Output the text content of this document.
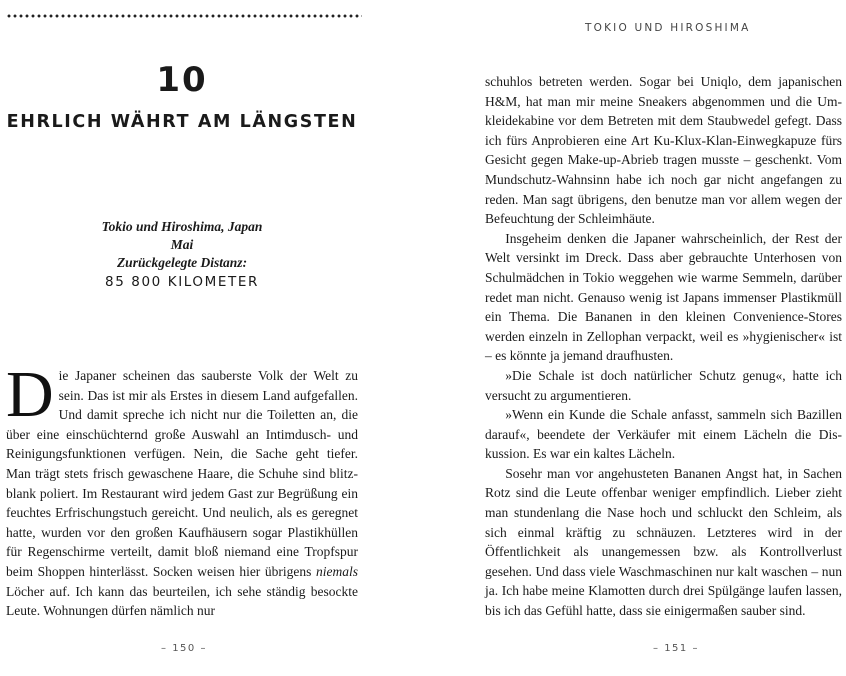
10
EHRLICH WÄHRT AM LÄNGSTEN
Tokio und Hiroshima, Japan
Mai
Zurückgelegte Distanz:
85 800 KILOMETER

Die Japaner scheinen das sauberste Volk der Welt zu sein. Das ist mir als Erstes in diesem Land aufgefallen. Und damit spreche ich nicht nur die Toiletten an, die über eine einschüchternd große Auswahl an Intimdusch- und Reinigungsfunktionen verfügen. Nein, die Sache geht tiefer. Man trägt stets frisch gewaschene Haare, die Schuhe sind blitzblank poliert. Im Restaurant wird jedem Gast zur Begrüßung ein feuchtes Erfrischungstuch gereicht. Und neulich, als es geregnet hatte, wurden vor den großen Kaufhäusern sogar Plastikhüllen für Regenschirme verteilt, damit bloß niemand eine Tropfspur beim Shoppen hinterlässt. Socken weisen hier übrigens niemals Löcher auf. Ich kann das beurteilen, ich sehe ständig besockte Leute. Wohnungen dürfen nämlich nur

– 150 –
TOKIO UND HIROSHIMA

schuhlos betreten werden. Sogar bei Uniqlo, dem japanischen H&M, hat man mir meine Sneakers abgenommen und die Umkleidekabine vor dem Betreten mit dem Staubwedel gefegt. Dass ich fürs Anprobieren eine Art Ku-Klux-Klan-Einwegkapuze fürs Gesicht gegen Make-up-Abrieb tragen musste – geschenkt. Vom Mundschutz-Wahnsinn habe ich noch gar nicht angefangen zu reden. Man sagt übrigens, den benutze man vor allem wegen der Befeuchtung der Schleimhäute.

Insgeheim denken die Japaner wahrscheinlich, der Rest der Welt versinkt im Dreck. Dass aber gebrauchte Unterhosen von Schulmädchen in Tokio weggehen wie warme Semmeln, darüber redet man nicht. Genauso wenig ist Japans immenser Plastikmüll ein Thema. Die Bananen in den kleinen Convenience-Stores werden einzeln in Zellophan verpackt, weil es »hygienischer« ist – es könnte ja jemand draufhusten.

»Die Schale ist doch natürlicher Schutz genug«, hatte ich versucht zu argumentieren.

»Wenn ein Kunde die Schale anfasst, sammeln sich Bazillen darauf«, beendete der Verkäufer mit einem Lächeln die Diskussion. Es war ein kaltes Lächeln.

Sosehr man vor angehusteten Bananen Angst hat, in Sachen Rotz sind die Leute offenbar weniger empfindlich. Lieber zieht man stundenlang die Nase hoch und schluckt den Schleim, als sich einmal kräftig zu schnäuzen. Letzteres wird in der Öffentlichkeit als unangemessen bzw. als Kontrollverlust gesehen. Und dass viele Waschmaschinen nur kalt waschen – nun ja. Ich habe meine Klamotten durch drei Spülgänge laufen lassen, bis ich das Gefühl hatte, dass sie einigermaßen sauber sind.

– 151 –
